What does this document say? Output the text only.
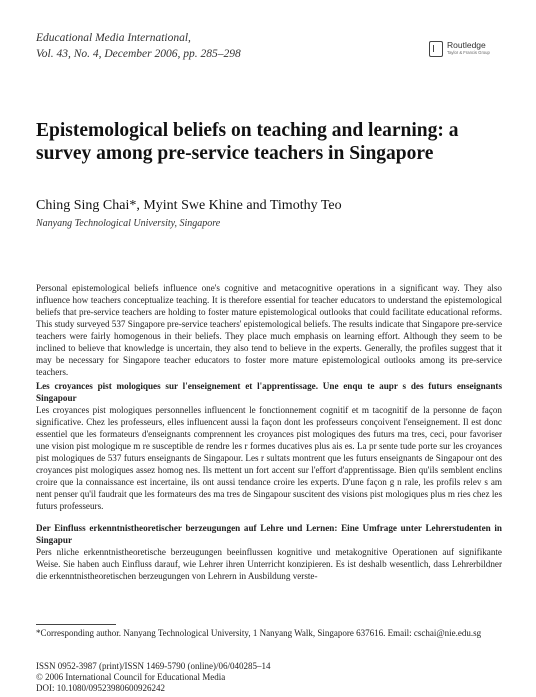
Educational Media International,
Vol. 43, No. 4, December 2006, pp. 285–298
Routledge
Taylor & Francis Group
Epistemological beliefs on teaching and learning: a survey among pre-service teachers in Singapore
Ching Sing Chai*, Myint Swe Khine and Timothy Teo
Nanyang Technological University, Singapore
Personal epistemological beliefs influence one's cognitive and metacognitive operations in a significant way. They also influence how teachers conceptualize teaching. It is therefore essential for teacher educators to understand the epistemological beliefs that pre-service teachers are holding to foster mature epistemological outlooks that could facilitate educational reforms. This study surveyed 537 Singapore pre-service teachers' epistemological beliefs. The results indicate that Singapore pre-service teachers were fairly homogenous in their beliefs. They place much emphasis on learning effort. Although they seem to be inclined to believe that knowledge is uncertain, they also tend to believe in the experts. Generally, the profiles suggest that it may be necessary for Singapore teacher educators to foster more mature epistemological outlooks among its pre-service teachers.
Les croyances pist mologiques sur l'enseignement et l'apprentissage. Une enqu te aupr s des futurs enseignants Singapour
Les croyances pist mologiques personnelles influencent le fonctionnement cognitif et m tacognitif de la personne de façon significative. Chez les professeurs, elles influencent aussi la façon dont les professeurs conçoivent l'enseignement. Il est donc essentiel que les formateurs d'enseignants comprennent les croyances pist mologiques des futurs ma tres, ceci, pour favoriser une vision pist mologique m re susceptible de rendre les r formes ducatives plus ais es. La pr sente tude porte sur les croyances pist mologiques de 537 futurs enseignants de Singapour. Les r sultats montrent que les futurs enseignants de Singapour ont des croyances pist mologiques assez homog nes. Ils mettent un fort accent sur l'effort d'apprentissage. Bien qu'ils semblent enclins croire que la connaissance est incertaine, ils ont aussi tendance croire les experts. D'une façon g n rale, les profils relev s am nent penser qu'il faudrait que les formateurs des ma tres de Singapour suscitent des visions pist mologiques plus m ries chez les futurs professeurs.
Der Einfluss erkenntnistheoretischer berzeugungen auf Lehre und Lernen: Eine Umfrage unter Lehrerstudenten in Singapur
Pers nliche erkenntnistheoretische berzeugungen beeinflussen kognitive und metakognitive Operationen auf signifikante Weise. Sie haben auch Einfluss darauf, wie Lehrer ihren Unterricht konzipieren. Es ist deshalb wesentlich, dass Lehrerbildner die erkenntnistheoretischen berzeugungen von Lehrern in Ausbildung verste-
*Corresponding author. Nanyang Technological University, 1 Nanyang Walk, Singapore 637616. Email: cschai@nie.edu.sg
ISSN 0952-3987 (print)/ISSN 1469-5790 (online)/06/040285–14
© 2006 International Council for Educational Media
DOI: 10.1080/09523980600926242
